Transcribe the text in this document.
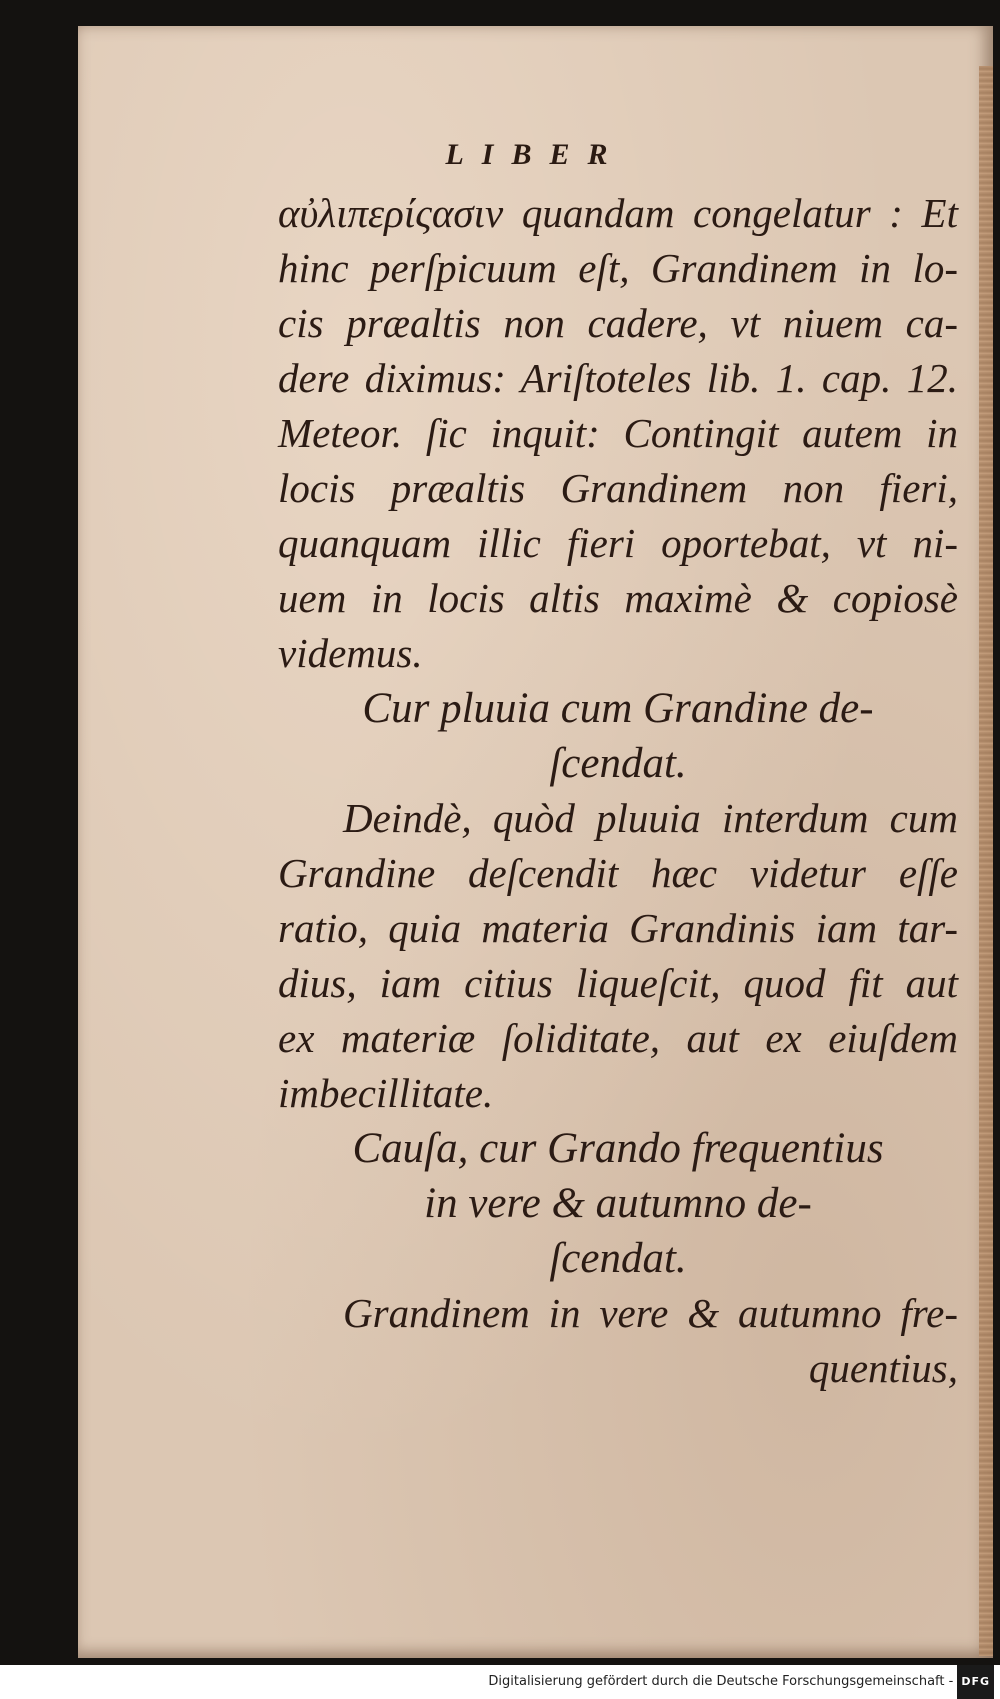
LIBER
αὐλιπερίςασιν quandam congelatur : Et
hinc perſpicuum eſt, Grandinem in lo-
cis præaltis non cadere, vt niuem ca-
dere diximus: Ariſtoteles lib. 1. cap. 12.
Meteor. ſic inquit: Contingit autem in
locis præaltis Grandinem non fieri,
quanquam illic fieri oportebat, vt ni-
uem in locis altis maximè & copiosè
videmus.
Cur pluuia cum Grandine de-
ſcendat.
Deindè, quòd pluuia interdum cum
Grandine deſcendit hæc videtur eſſe
ratio, quia materia Grandinis iam tar-
dius, iam citius liqueſcit, quod fit aut
ex materiæ ſoliditate, aut ex eiuſdem
imbecillitate.
Cauſa, cur Grando frequentius
in vere & autumno de-
ſcendat.
Grandinem in vere & autumno fre-
quentius,
Digitalisierung gefördert durch die Deutsche Forschungsgemeinschaft - DFG
